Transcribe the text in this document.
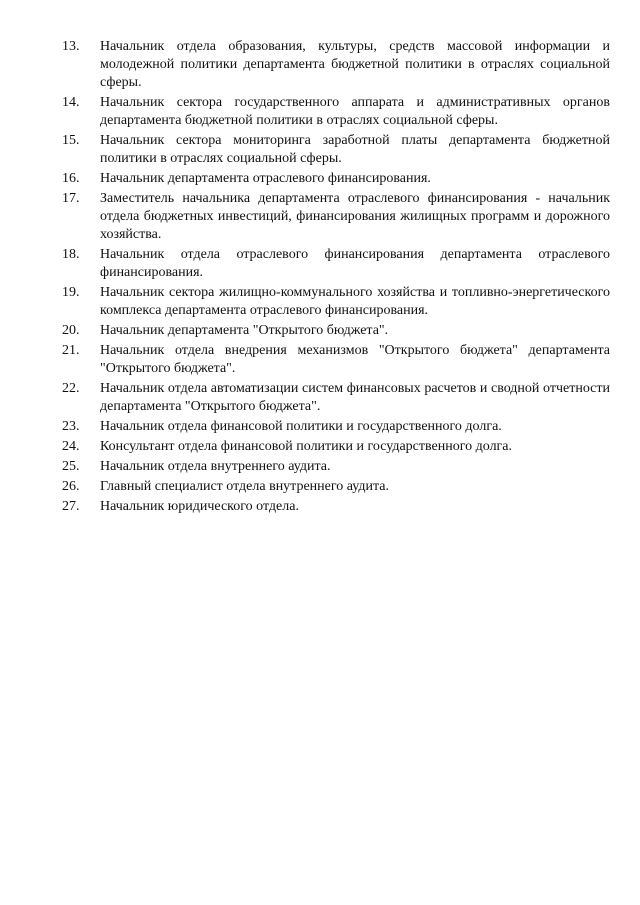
13.	Начальник отдела образования, культуры, средств массовой информации и молодежной политики департамента бюджетной политики в отраслях социальной сферы.
14.	Начальник сектора государственного аппарата и административных органов департамента бюджетной политики в отраслях социальной сферы.
15.	Начальник сектора мониторинга заработной платы департамента бюджетной политики в отраслях социальной сферы.
16.	Начальник департамента отраслевого финансирования.
17.	Заместитель начальника департамента отраслевого финансирования - начальник отдела бюджетных инвестиций, финансирования жилищных программ и дорожного хозяйства.
18.	Начальник отдела отраслевого финансирования департамента отраслевого финансирования.
19.	Начальник сектора жилищно-коммунального хозяйства и топливно-энергетического комплекса департамента отраслевого финансирования.
20.	Начальник департамента "Открытого бюджета".
21.	Начальник отдела внедрения механизмов "Открытого бюджета" департамента "Открытого бюджета".
22.	Начальник отдела автоматизации систем финансовых расчетов и сводной отчетности департамента "Открытого бюджета".
23.	Начальник отдела финансовой политики и государственного долга.
24.	Консультант отдела финансовой политики и государственного долга.
25.	Начальник отдела внутреннего аудита.
26.	Главный специалист отдела внутреннего аудита.
27.	Начальник юридического отдела.
